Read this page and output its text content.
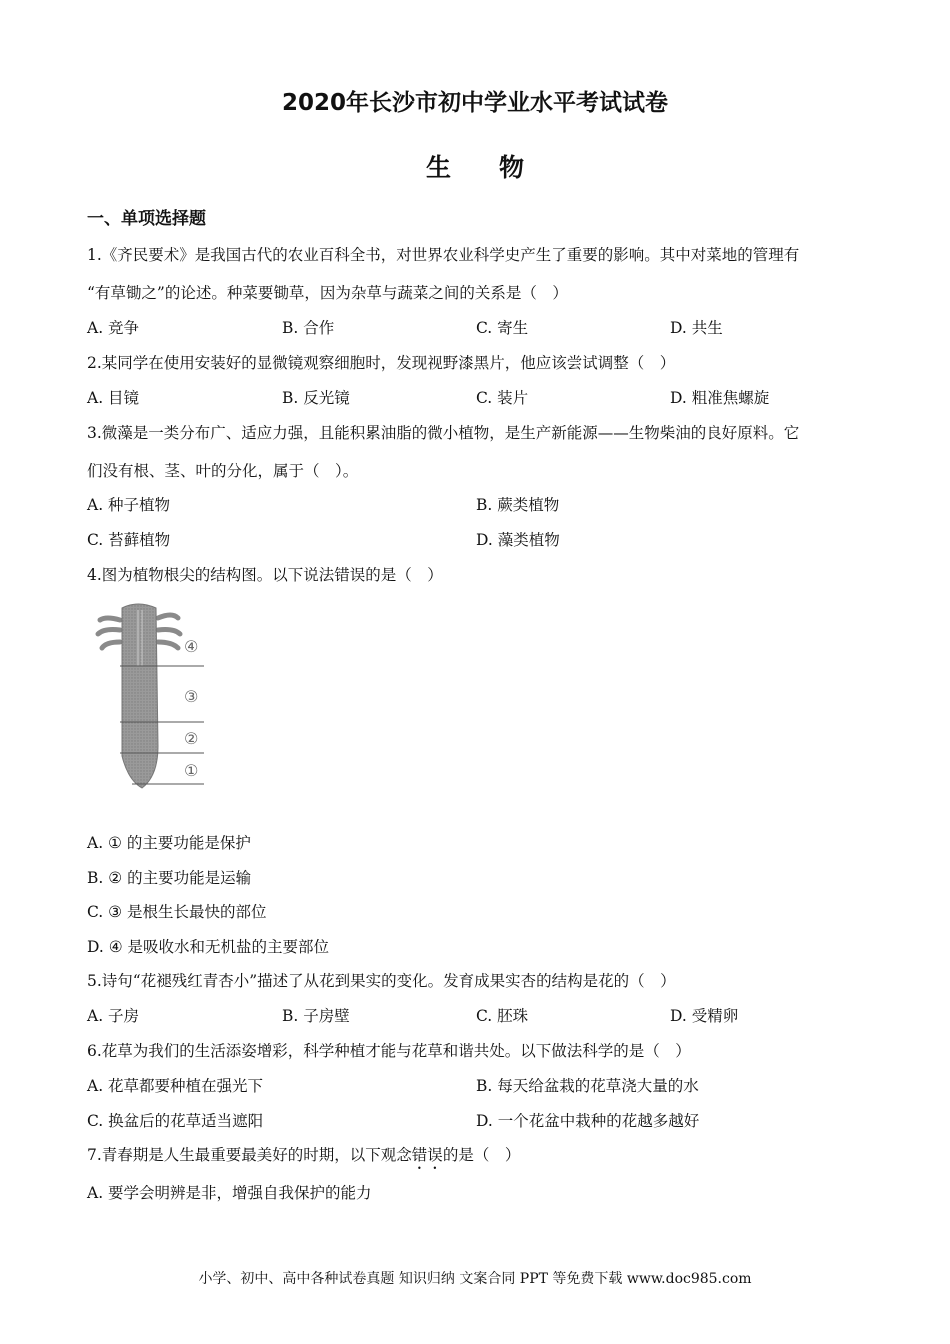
2020年长沙市初中学业水平考试试卷
生物
一、单项选择题
1.《齐民要术》是我国古代的农业百科全书，对世界农业科学史产生了重要的影响。其中对菜地的管理有
“有草锄之”的论述。种菜要锄草，因为杂草与蔬菜之间的关系是（　）
A. 竞争	B. 合作	C. 寄生	D. 共生
2.某同学在使用安装好的显微镜观察细胞时，发现视野漆黑片，他应该尝试调整（　）
A. 目镜	B. 反光镜	C. 装片	D. 粗准焦螺旋
3.微藻是一类分布广、适应力强，且能积累油脂的微小植物，是生产新能源——生物柴油的良好原料。它
们没有根、茎、叶的分化，属于（　）。
A. 种子植物	B. 蕨类植物
C. 苔藓植物	D. 藻类植物
4.图为植物根尖的结构图。以下说法错误的是（　）
④
③
②
①
A. ① 的主要功能是保护
B. ② 的主要功能是运输
C. ③ 是根生长最快的部位
D. ④ 是吸收水和无机盐的主要部位
5.诗句“花褪残红青杏小”描述了从花到果实的变化。发育成果实杏的结构是花的（　）
A. 子房	B. 子房壁	C. 胚珠	D. 受精卵
6.花草为我们的生活添姿增彩，科学种植才能与花草和谐共处。以下做法科学的是（　）
A. 花草都要种植在强光下	B. 每天给盆栽的花草浇大量的水
C. 换盆后的花草适当遮阳	D. 一个花盆中栽种的花越多越好
7.青春期是人生最重要最美好的时期，以下观念错误的是（　）
A. 要学会明辨是非，增强自我保护的能力
小学、初中、高中各种试卷真题 知识归纳 文案合同 PPT 等免费下载 www.doc985.com
